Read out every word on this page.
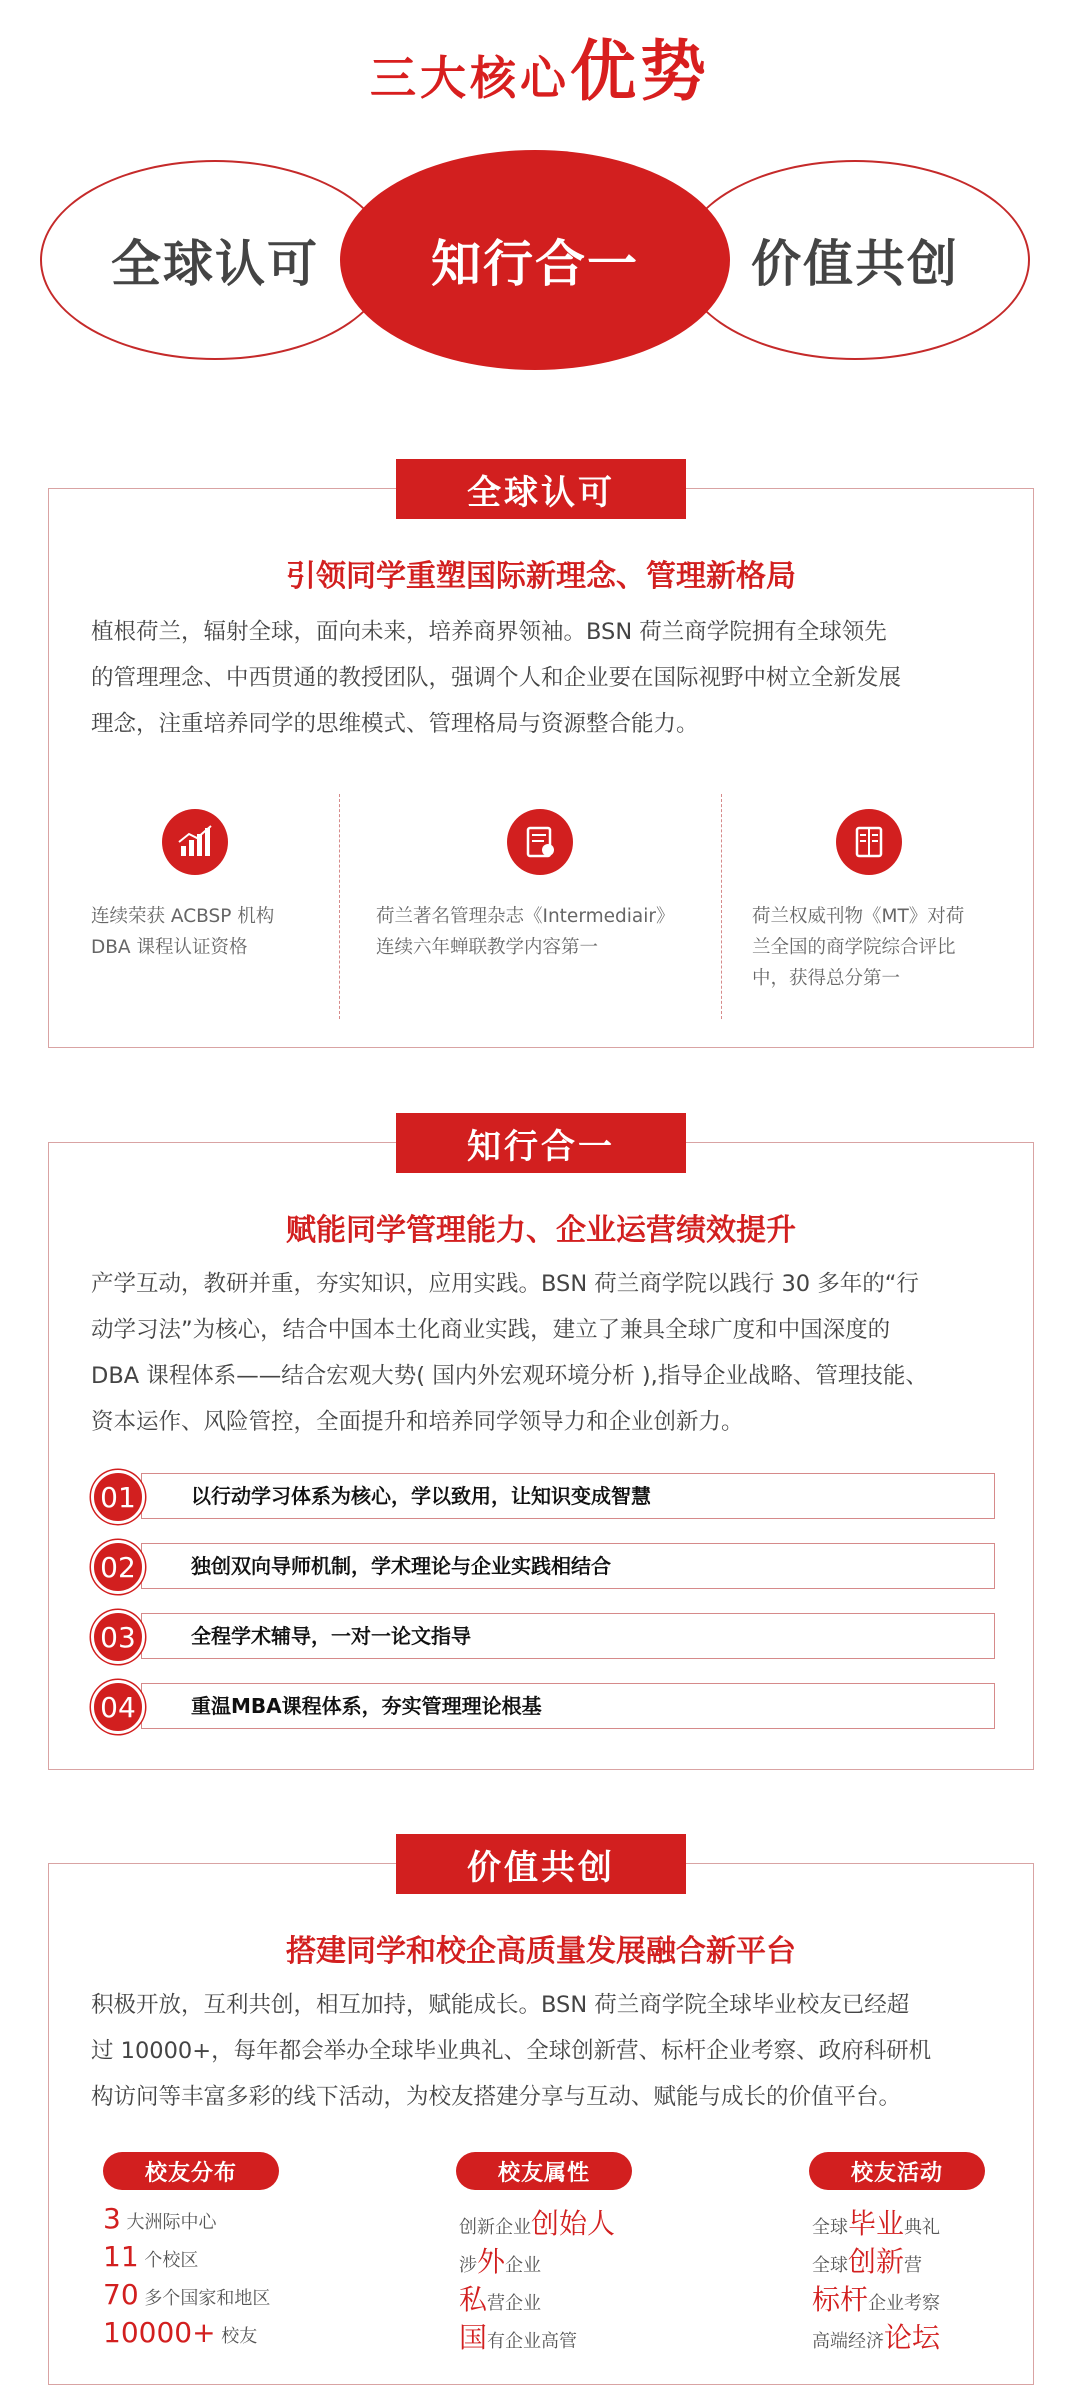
三大核心优势
全球认可	价值共创
知行合一
全球认可
引领同学重塑国际新理念、管理新格局
植根荷兰，辐射全球，面向未来，培养商界领袖。BSN 荷兰商学院拥有全球领先
的管理理念、中西贯通的教授团队，强调个人和企业要在国际视野中树立全新发展
理念，注重培养同学的思维模式、管理格局与资源整合能力。
连续荣获 ACBSP 机构
DBA 课程认证资格
荷兰著名管理杂志《Intermediair》
连续六年蝉联教学内容第一
荷兰权威刊物《MT》对荷
兰全国的商学院综合评比
中，获得总分第一
知行合一
赋能同学管理能力、企业运营绩效提升
产学互动，教研并重，夯实知识，应用实践。BSN 荷兰商学院以践行 30 多年的“行
动学习法”为核心，结合中国本土化商业实践，建立了兼具全球广度和中国深度的
DBA 课程体系——结合宏观大势( 国内外宏观环境分析 ),指导企业战略、管理技能、
资本运作、风险管控，全面提升和培养同学领导力和企业创新力。
01	以行动学习体系为核心，学以致用，让知识变成智慧
02	独创双向导师机制，学术理论与企业实践相结合
03	全程学术辅导，一对一论文指导
04	重温MBA课程体系，夯实管理理论根基
价值共创
搭建同学和校企高质量发展融合新平台
积极开放，互利共创，相互加持，赋能成长。BSN 荷兰商学院全球毕业校友已经超
过 10000+，每年都会举办全球毕业典礼、全球创新营、标杆企业考察、政府科研机
构访问等丰富多彩的线下活动，为校友搭建分享与互动、赋能与成长的价值平台。
校友分布
3 大洲际中心
11 个校区
70 多个国家和地区
10000+ 校友
校友属性
创新企业创始人
涉外企业
私营企业
国有企业高管
校友活动
全球毕业典礼
全球创新营
标杆企业考察
高端经济论坛
